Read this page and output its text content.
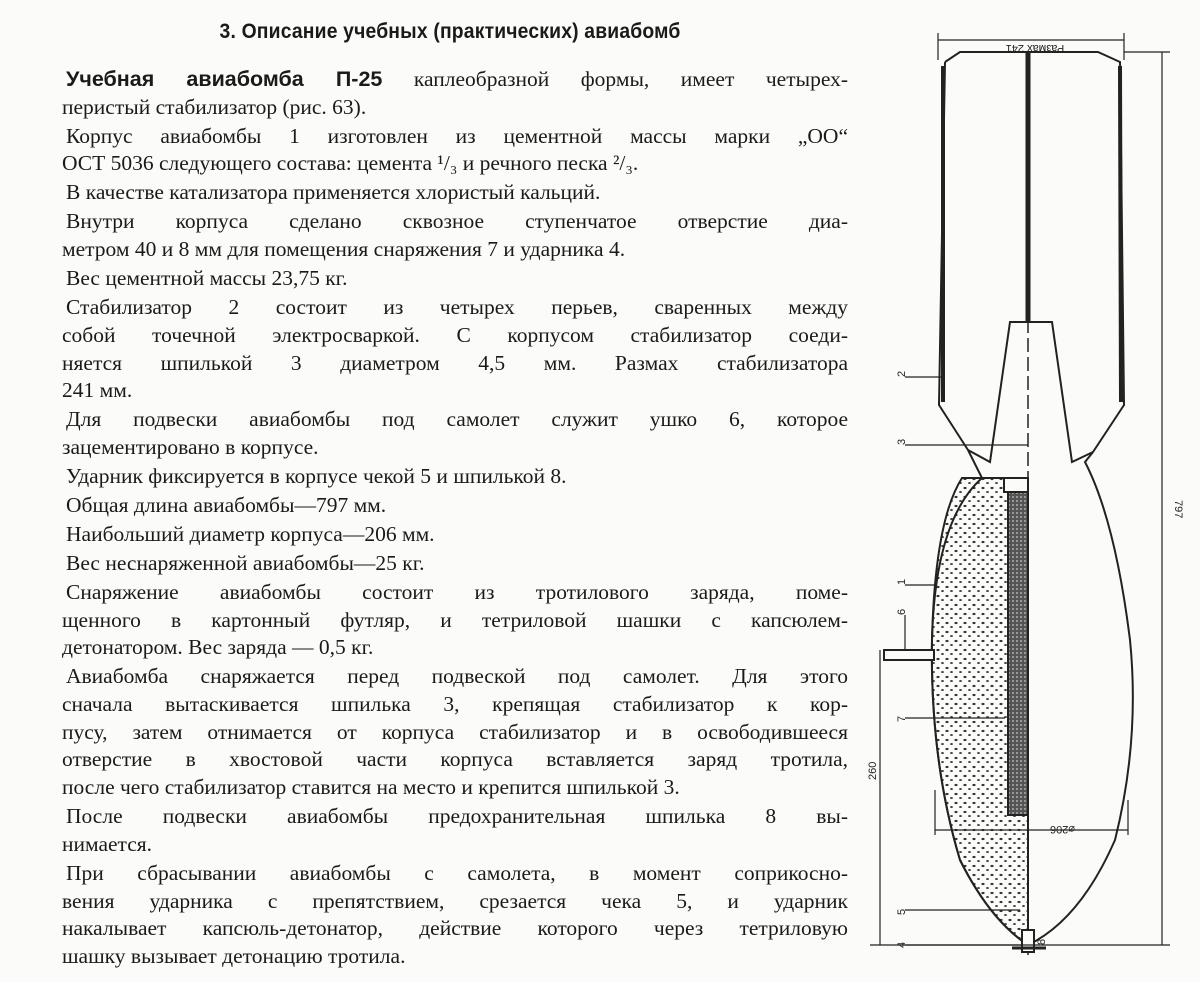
3. Описание учебных (практических) авиабомб
Учебная авиабомба П-25 каплеобразной формы, имеет четырех-
перистый стабилизатор (рис. 63).
Корпус авиабомбы 1 изготовлен из цементной массы марки „ОО“
ОСТ 5036 следующего состава: цемента ¹/₃ и речного песка ²/₃.
В качестве катализатора применяется хлористый кальций.
Внутри корпуса сделано сквозное ступенчатое отверстие диа-
метром 40 и 8 мм для помещения снаряжения 7 и ударника 4.
Вес цементной массы 23,75 кг.
Стабилизатор 2 состоит из четырех перьев, сваренных между
собой точечной электросваркой. С корпусом стабилизатор соеди-
няется шпилькой 3 диаметром 4,5 мм. Размах стабилизатора
241 мм.
Для подвески авиабомбы под самолет служит ушко 6, которое
зацементировано в корпусе.
Ударник фиксируется в корпусе чекой 5 и шпилькой 8.
Общая длина авиабомбы—797 мм.
Наибольший диаметр корпуса—206 мм.
Вес неснаряженной авиабомбы—25 кг.
Снаряжение авиабомбы состоит из тротилового заряда, поме-
щенного в картонный футляр, и тетриловой шашки с капсюлем-
детонатором. Вес заряда — 0,5 кг.
Авиабомба снаряжается перед подвеской под самолет. Для этого
сначала вытаскивается шпилька 3, крепящая стабилизатор к кор-
пусу, затем отнимается от корпуса стабилизатор и в освободившееся
отверстие в хвостовой части корпуса вставляется заряд тротила,
после чего стабилизатор ставится на место и крепится шпилькой 3.
После подвески авиабомбы предохранительная шпилька 8 вы-
нимается.
При сбрасывании авиабомбы с самолета, в момент соприкосно-
вения ударника с препятствием, срезается чека 5, и ударник
накалывает капсюль-детонатор, действие которого через тетриловую
шашку вызывает детонацию тротила.
Размах 241
797
⌀206
260
1
2
3
4
5
6
7
8
